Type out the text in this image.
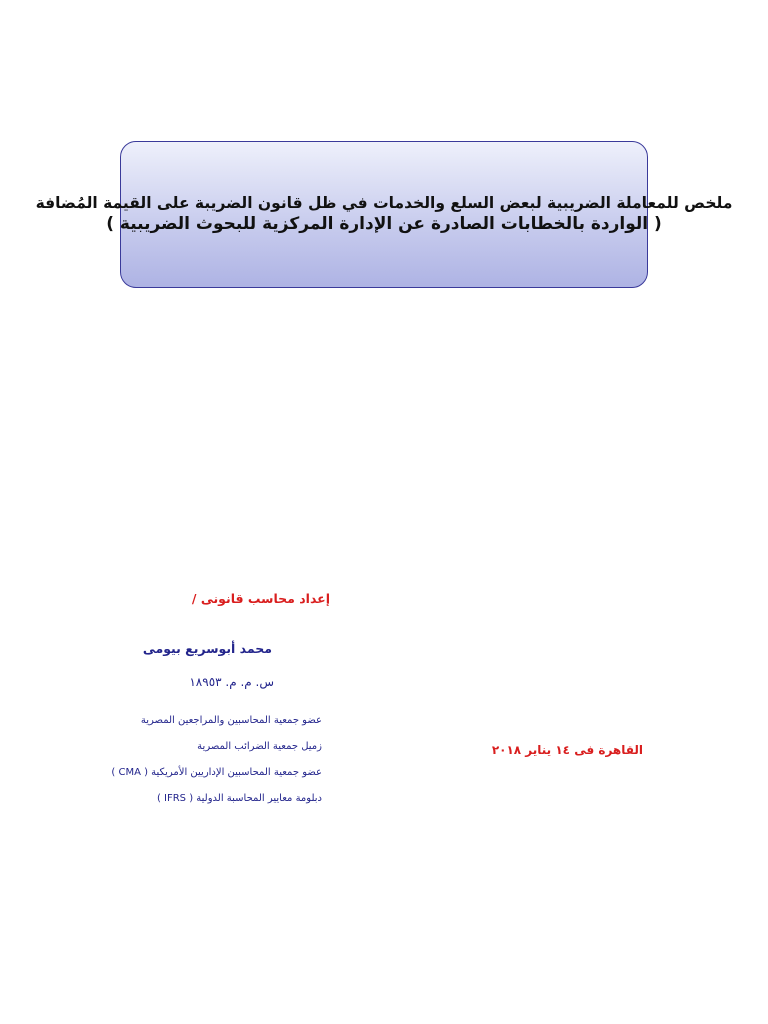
ملخص للمعاملة الضريبية لبعض السلع والخدمات في ظل قانون الضريبة على القيمة المُضافة
( الواردة بالخطابات الصادرة عن الإدارة المركزية للبحوث الضريبية )
إعداد محاسب قانونى /
محمد أبوسريع بيومى
س. م. م. ١٨٩٥٣
عضو جمعية المحاسبين والمراجعين المصرية
زميل جمعية الضرائب المصرية
عضو جمعية المحاسبين الإداريين الأمريكية ( CMA )
دبلومة معايير المحاسبة الدولية ( IFRS )
القاهرة فى ١٤ يناير ٢٠١٨
